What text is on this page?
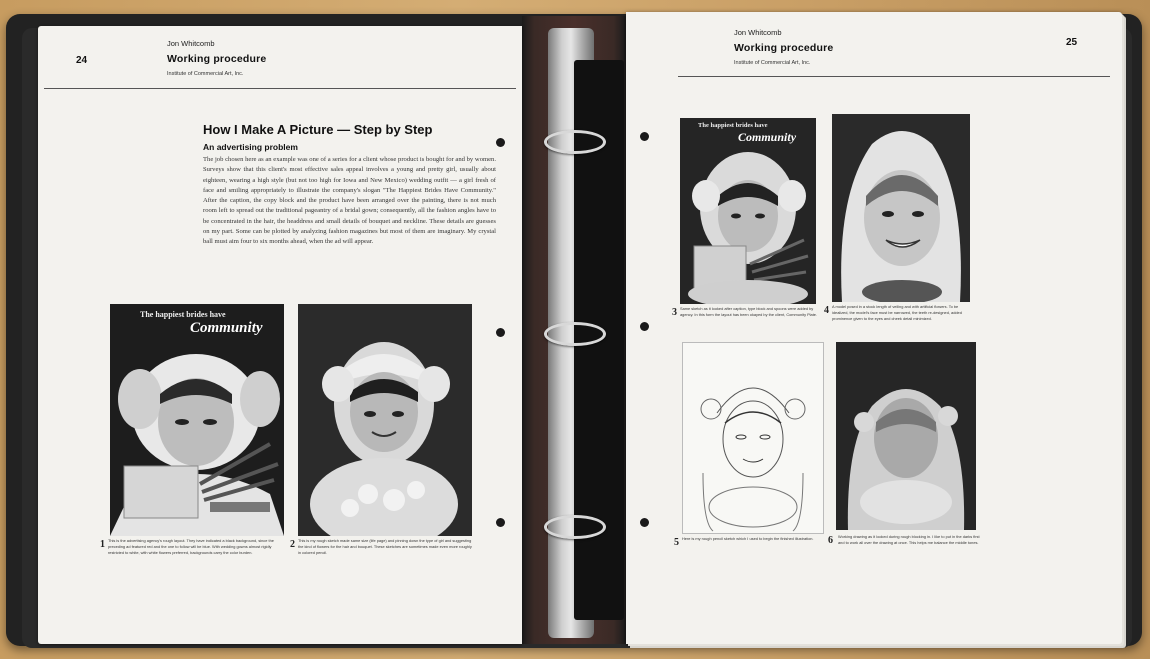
24
Jon Whitcomb
Working procedure
Institute of Commercial Art, Inc.
How I Make A Picture — Step by Step
An advertising problem
The job chosen here as an example was one of a series for a client whose product is bought for and by women. Surveys show that this client's most effective sales appeal involves a young and pretty girl, usually about eighteen, wearing a high style (but not too high for Iowa and New Mexico) wedding outfit — a girl fresh of face and smiling appropriately to illustrate the company's slogan "The Happiest Brides Have Community." After the caption, the copy block and the product have been arranged over the painting, there is not much room left to spread out the traditional pageantry of a bridal gown; consequently, all the fashion angles have to be concentrated in the hair, the headdress and small details of bouquet and neckline. These details are guesses on my part. Some can be plotted by analyzing fashion magazines but most of them are imaginary. My crystal ball must aim four to six months ahead, when the ad will appear.
The happiest brides have
Community
1 This is the advertising agency's rough layout. They have indicated a black background, since the preceding ad featured red and the one to follow will be blue. With wedding gowns almost rigidly restricted to white, with white flowers preferred, backgrounds carry the color burden.
2 This is my rough sketch made same size (life page) and pinning down the type of girl and suggesting the kind of flowers for the hair and bouquet. These sketches are sometimes made even more roughly in colored pencil.
Jon Whitcomb
Working procedure
Institute of Commercial Art, Inc.
25
The happiest brides have
Community
3 Same sketch as it looked after caption, type block and spoons were added by agency. In this form the layout has been okayed by the client, Community Plate. 4 A model posed in a stock length of veiling and with artificial flowers. To be idealized, the model's face must be narrowed, the teeth re-designed, added prominence given to the eyes and cheek detail minimized.
5 Here is my rough pencil sketch which I used to begin the finished illustration.	6 Working drawing as it looked during rough blocking in. I like to put in the darks first and to work all over the drawing at once. This helps me balance the middle tones.
